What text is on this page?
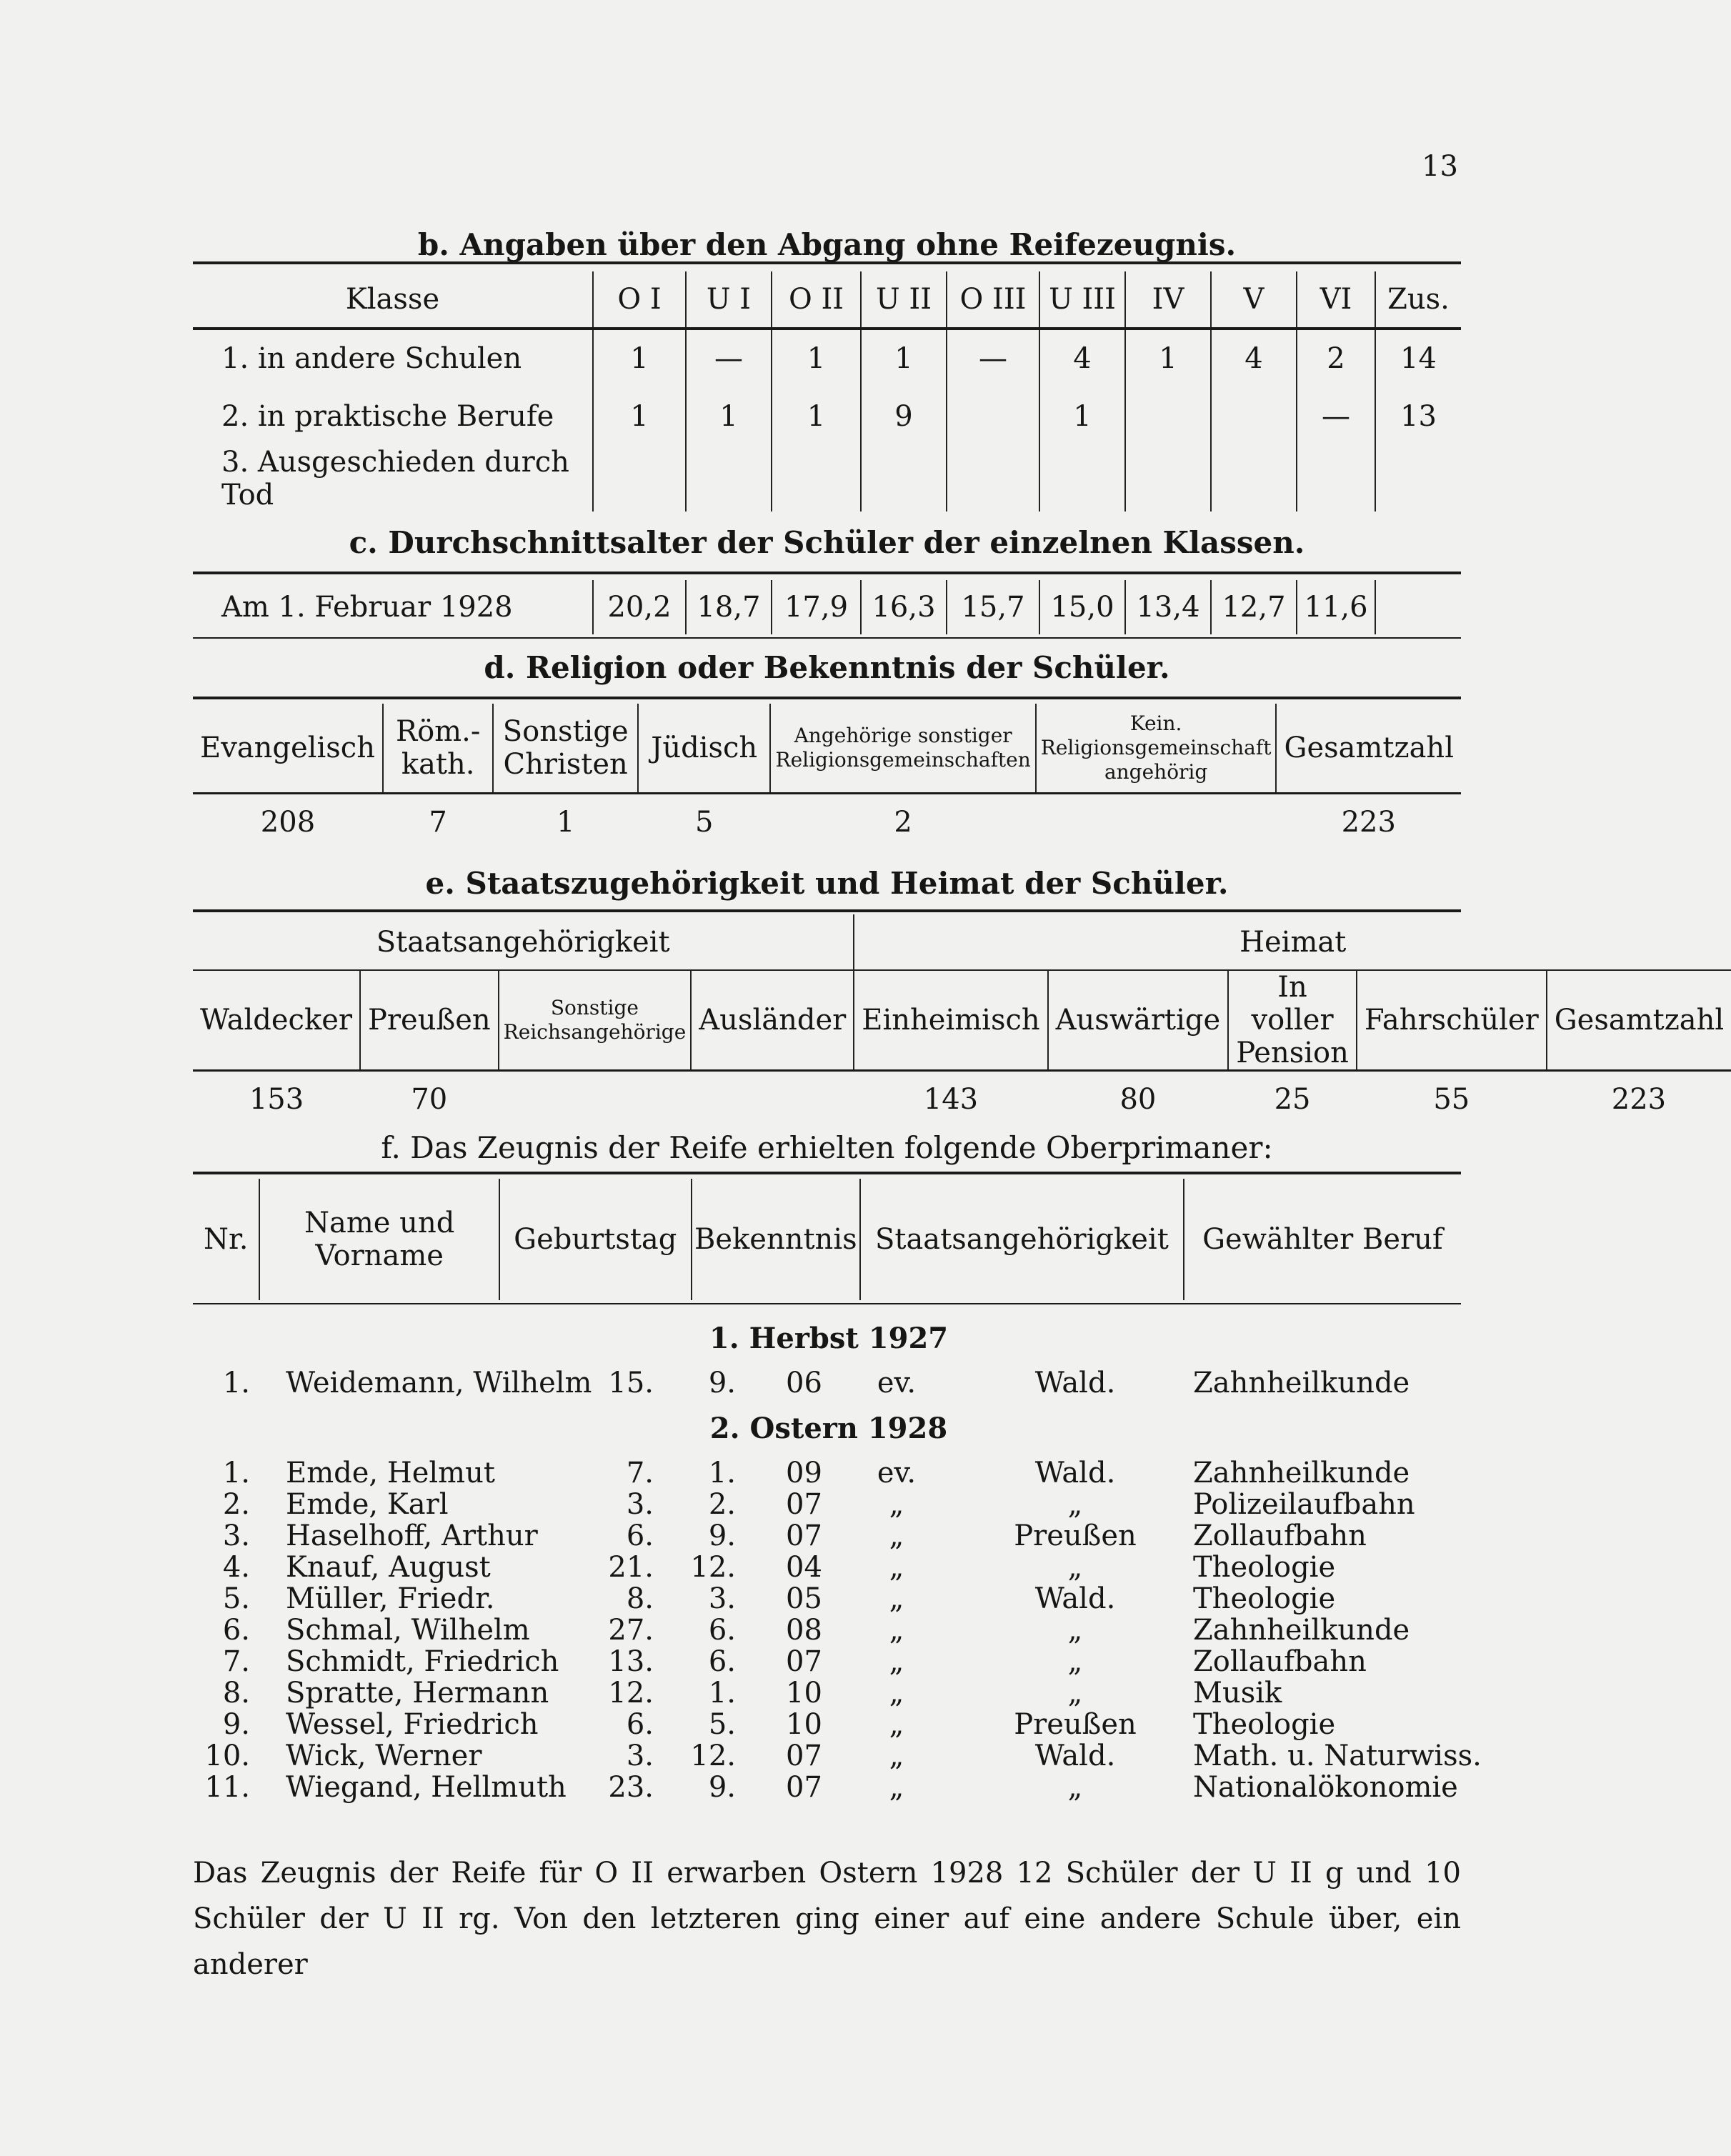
13
b. Angaben über den Abgang ohne Reifezeugnis.
Klasse	O I	U I	O II	U II	O III	U III	IV	V	VI	Zus.
1. in andere Schulen	1	—	1	1	—	4	1	4	2	14
2. in praktische Berufe	1	1	1	9		1			—	13
3. Ausgeschieden durch Tod										
c. Durchschnittsalter der Schüler der einzelnen Klassen.
Am 1. Februar 1928	20,2	18,7	17,9	16,3	15,7	15,0	13,4	12,7	11,6	
d. Religion oder Bekenntnis der Schüler.
Evangelisch	Röm.-kath.	Sonstige Christen	Jüdisch	Angehörige sonstiger Religionsgemeinschaften	Kein. Religionsgemeinschaft angehörig	Gesamtzahl
208	7	1	5	2		223
e. Staatszugehörigkeit und Heimat der Schüler.
Staatsangehörigkeit				Heimat				
Waldecker	Preußen	Sonstige Reichsangehörige	Ausländer	Einheimisch	Auswärtige	In voller Pension	Fahrschüler	Gesamtzahl
153	70			143	80	25	55	223
f. Das Zeugnis der Reife erhielten folgende Oberprimaner:
Nr.	Name und Vorname	Geburtstag	Bekenntnis	Staatsangehörigkeit	Gewählter Beruf
1. Herbst 1927
1. Weidemann, Wilhelm 15.	9. 06	ev.	Wald.	Zahnheilkunde
2. Ostern 1928
1. Emde, Helmut	7.	1. 09	ev.	Wald.	Zahnheilkunde
2. Emde, Karl	3.	2. 07	„	„	Polizeilaufbahn
3. Haselhoff, Arthur	6.	9. 07	„	Preußen	Zollaufbahn
4. Knauf, August	21.	12. 04	„	„	Theologie
5. Müller, Friedr.	8.	3. 05	„	Wald.	Theologie
6. Schmal, Wilhelm	27.	6. 08	„	„	Zahnheilkunde
7. Schmidt, Friedrich	13.	6. 07	„	„	Zollaufbahn
8. Spratte, Hermann	12.	1. 10	„	„	Musik
9. Wessel, Friedrich	6.	5. 10	„	Preußen	Theologie
10. Wick, Werner	3.	12. 07	„	Wald.	Math. u. Naturwiss.
11. Wiegand, Hellmuth	23.	9. 07	„	„	Nationalökonomie
Das Zeugnis der Reife für O II erwarben Ostern 1928 12 Schüler der U II g und 10 Schüler der U II rg. Von den letzteren ging einer auf eine andere Schule über, ein anderer
